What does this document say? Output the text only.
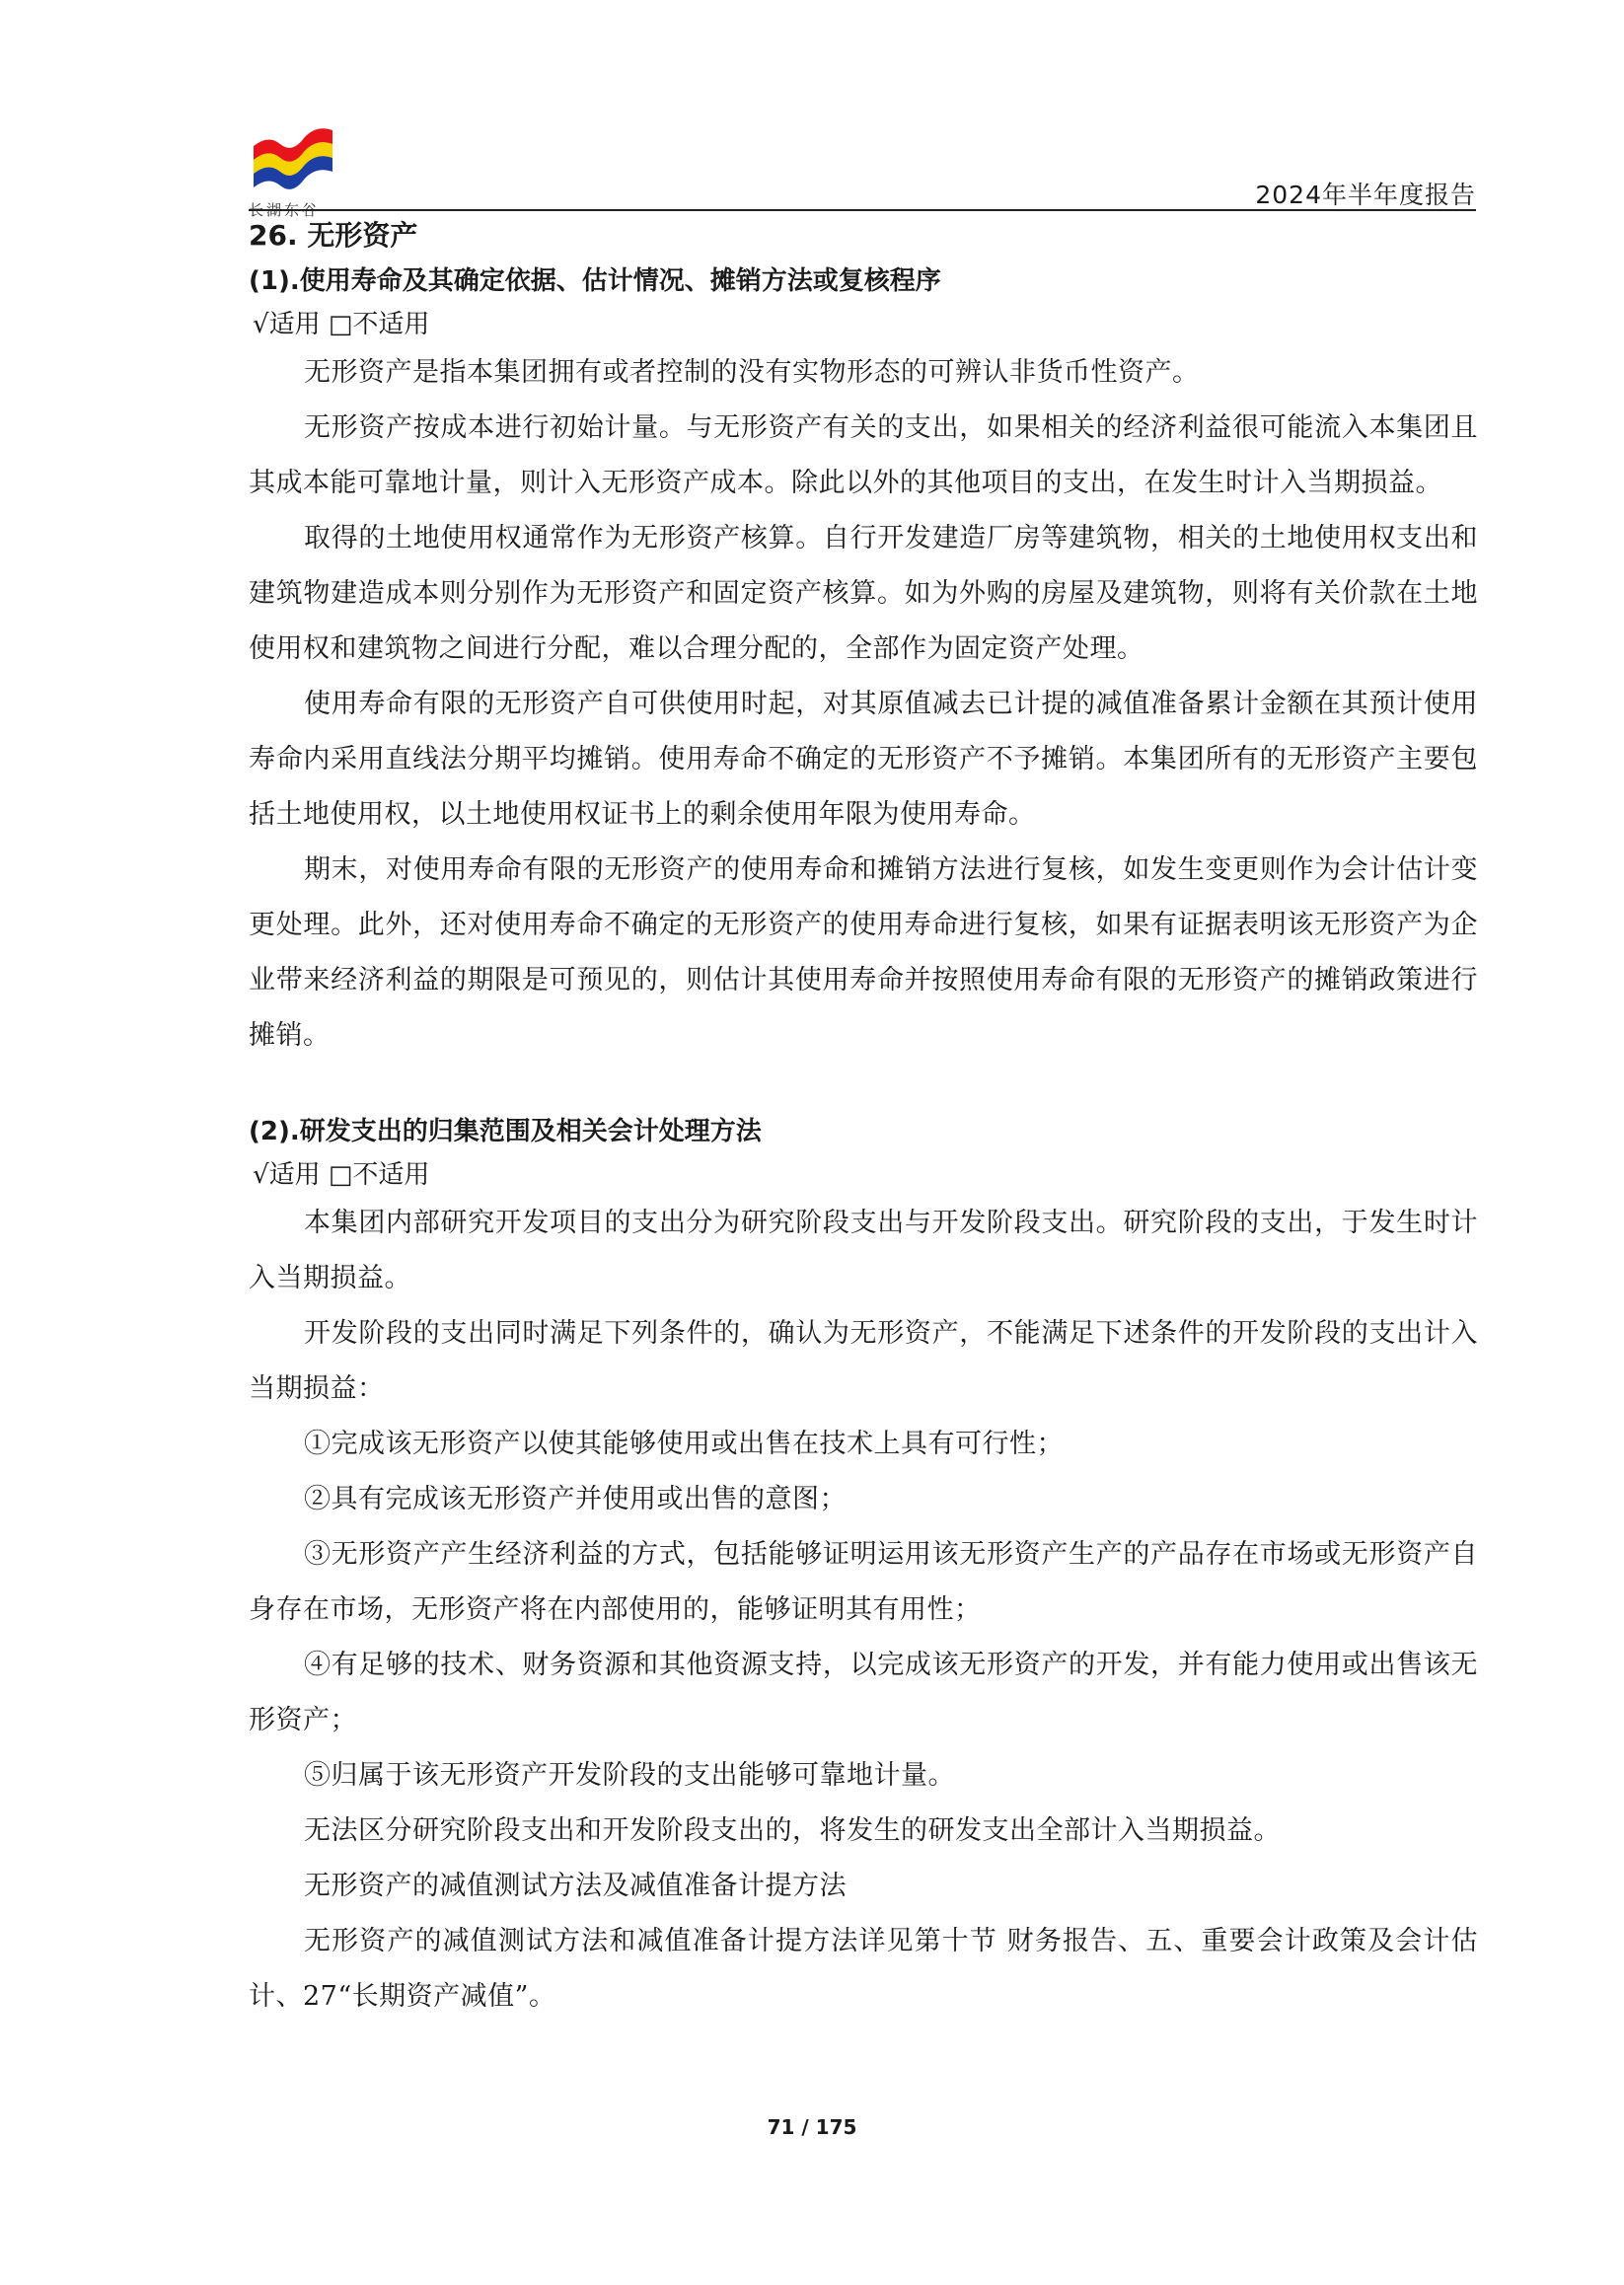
长湖东谷
2024年半年度报告

26. 无形资产

(1).使用寿命及其确定依据、估计情况、摊销方法或复核程序

√适用 □不适用

无形资产是指本集团拥有或者控制的没有实物形态的可辨认非货币性资产。

无形资产按成本进行初始计量。与无形资产有关的支出，如果相关的经济利益很可能流入本集团且其成本能可靠地计量，则计入无形资产成本。除此以外的其他项目的支出，在发生时计入当期损益。

取得的土地使用权通常作为无形资产核算。自行开发建造厂房等建筑物，相关的土地使用权支出和建筑物建造成本则分别作为无形资产和固定资产核算。如为外购的房屋及建筑物，则将有关价款在土地使用权和建筑物之间进行分配，难以合理分配的，全部作为固定资产处理。

使用寿命有限的无形资产自可供使用时起，对其原值减去已计提的减值准备累计金额在其预计使用寿命内采用直线法分期平均摊销。使用寿命不确定的无形资产不予摊销。本集团所有的无形资产主要包括土地使用权，以土地使用权证书上的剩余使用年限为使用寿命。

期末，对使用寿命有限的无形资产的使用寿命和摊销方法进行复核，如发生变更则作为会计估计变更处理。此外，还对使用寿命不确定的无形资产的使用寿命进行复核，如果有证据表明该无形资产为企业带来经济利益的期限是可预见的，则估计其使用寿命并按照使用寿命有限的无形资产的摊销政策进行摊销。

(2).研发支出的归集范围及相关会计处理方法

√适用 □不适用

本集团内部研究开发项目的支出分为研究阶段支出与开发阶段支出。研究阶段的支出，于发生时计入当期损益。

开发阶段的支出同时满足下列条件的，确认为无形资产，不能满足下述条件的开发阶段的支出计入当期损益：

①完成该无形资产以使其能够使用或出售在技术上具有可行性；

②具有完成该无形资产并使用或出售的意图；

③无形资产产生经济利益的方式，包括能够证明运用该无形资产生产的产品存在市场或无形资产自身存在市场，无形资产将在内部使用的，能够证明其有用性；

④有足够的技术、财务资源和其他资源支持，以完成该无形资产的开发，并有能力使用或出售该无形资产；

⑤归属于该无形资产开发阶段的支出能够可靠地计量。

无法区分研究阶段支出和开发阶段支出的，将发生的研发支出全部计入当期损益。

无形资产的减值测试方法及减值准备计提方法

无形资产的减值测试方法和减值准备计提方法详见第十节 财务报告、五、重要会计政策及会计估计、27“长期资产减值”。

71 / 175
